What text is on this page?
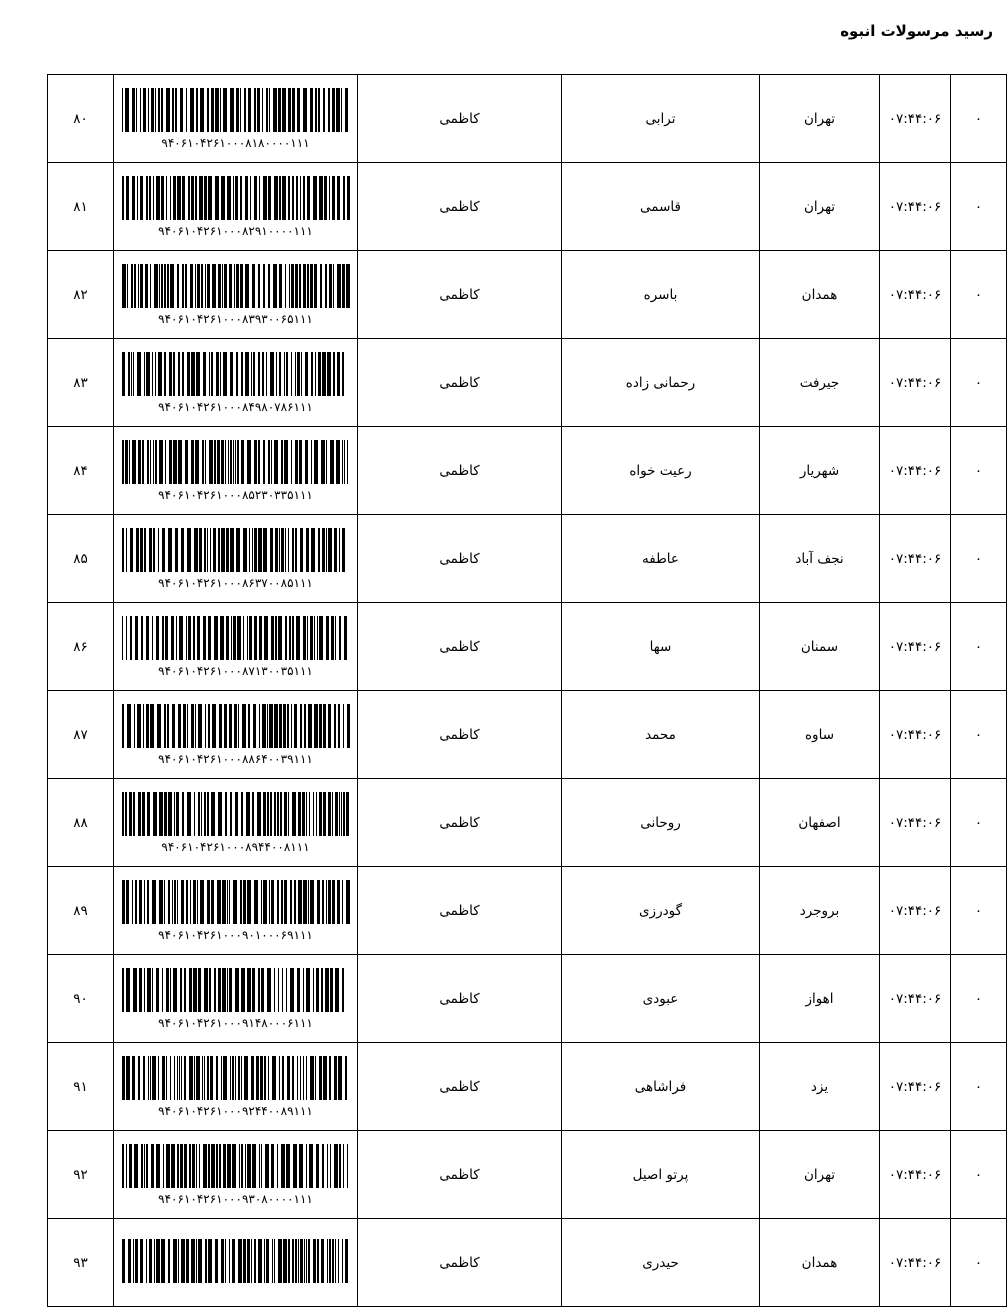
رسید مرسولات انبوه
۰	۰۷:۴۴:۰۶	تهران	ترابی	کاظمی	۹۴۰۶۱۰۴۲۶۱۰۰۰۸۱۸۰۰۰۰۱۱۱	۸۰
۰	۰۷:۴۴:۰۶	تهران	قاسمی	کاظمی	۹۴۰۶۱۰۴۲۶۱۰۰۰۸۲۹۱۰۰۰۰۱۱۱	۸۱
۰	۰۷:۴۴:۰۶	همدان	باسره	کاظمی	۹۴۰۶۱۰۴۲۶۱۰۰۰۸۳۹۳۰۰۶۵۱۱۱	۸۲
۰	۰۷:۴۴:۰۶	جیرفت	رحمانی زاده	کاظمی	۹۴۰۶۱۰۴۲۶۱۰۰۰۸۴۹۸۰۷۸۶۱۱۱	۸۳
۰	۰۷:۴۴:۰۶	شهریار	رعیت خواه	کاظمی	۹۴۰۶۱۰۴۲۶۱۰۰۰۸۵۲۳۰۳۳۵۱۱۱	۸۴
۰	۰۷:۴۴:۰۶	نجف آباد	عاطفه	کاظمی	۹۴۰۶۱۰۴۲۶۱۰۰۰۸۶۳۷۰۰۸۵۱۱۱	۸۵
۰	۰۷:۴۴:۰۶	سمنان	سها	کاظمی	۹۴۰۶۱۰۴۲۶۱۰۰۰۸۷۱۳۰۰۳۵۱۱۱	۸۶
۰	۰۷:۴۴:۰۶	ساوه	محمد	کاظمی	۹۴۰۶۱۰۴۲۶۱۰۰۰۸۸۶۴۰۰۳۹۱۱۱	۸۷
۰	۰۷:۴۴:۰۶	اصفهان	روحانی	کاظمی	۹۴۰۶۱۰۴۲۶۱۰۰۰۸۹۴۴۰۰۸۱۱۱	۸۸
۰	۰۷:۴۴:۰۶	بروجرد	گودرزی	کاظمی	۹۴۰۶۱۰۴۲۶۱۰۰۰۹۰۱۰۰۰۶۹۱۱۱	۸۹
۰	۰۷:۴۴:۰۶	اهواز	عبودی	کاظمی	۹۴۰۶۱۰۴۲۶۱۰۰۰۹۱۴۸۰۰۰۶۱۱۱	۹۰
۰	۰۷:۴۴:۰۶	یزد	فراشاهی	کاظمی	۹۴۰۶۱۰۴۲۶۱۰۰۰۹۲۴۴۰۰۸۹۱۱۱	۹۱
۰	۰۷:۴۴:۰۶	تهران	پرتو اصیل	کاظمی	۹۴۰۶۱۰۴۲۶۱۰۰۰۹۳۰۸۰۰۰۰۱۱۱	۹۲
۰	۰۷:۴۴:۰۶	همدان	حیدری	کاظمی		۹۳
